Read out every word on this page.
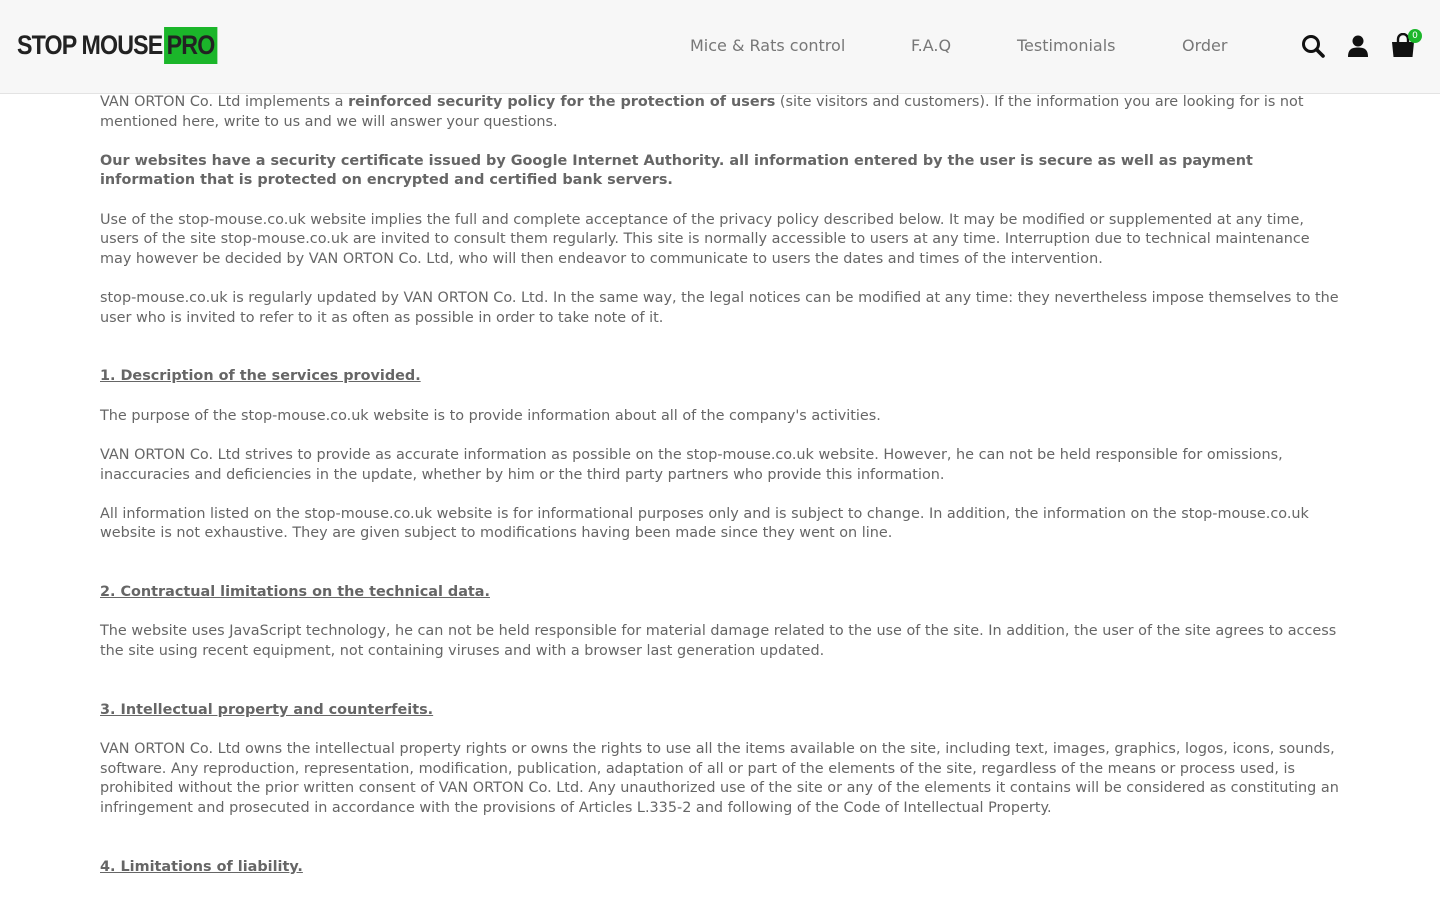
STOP MOUSE PRO	Mice & Rats control	F.A.Q	Testimonials	Order	0

VAN ORTON Co. Ltd implements a reinforced security policy for the protection of users (site visitors and customers). If the information you are looking for is not mentioned here, write to us and we will answer your questions.

Our websites have a security certificate issued by Google Internet Authority. all information entered by the user is secure as well as payment information that is protected on encrypted and certified bank servers.

Use of the stop-mouse.co.uk website implies the full and complete acceptance of the privacy policy described below. It may be modified or supplemented at any time, users of the site stop-mouse.co.uk are invited to consult them regularly. This site is normally accessible to users at any time. Interruption due to technical maintenance may however be decided by VAN ORTON Co. Ltd, who will then endeavor to communicate to users the dates and times of the intervention.

stop-mouse.co.uk is regularly updated by VAN ORTON Co. Ltd. In the same way, the legal notices can be modified at any time: they nevertheless impose themselves to the user who is invited to refer to it as often as possible in order to take note of it.

1. Description of the services provided.

The purpose of the stop-mouse.co.uk website is to provide information about all of the company's activities.

VAN ORTON Co. Ltd strives to provide as accurate information as possible on the stop-mouse.co.uk website. However, he can not be held responsible for omissions, inaccuracies and deficiencies in the update, whether by him or the third party partners who provide this information.

All information listed on the stop-mouse.co.uk website is for informational purposes only and is subject to change. In addition, the information on the stop-mouse.co.uk website is not exhaustive. They are given subject to modifications having been made since they went on line.

2. Contractual limitations on the technical data.

The website uses JavaScript technology, he can not be held responsible for material damage related to the use of the site. In addition, the user of the site agrees to access the site using recent equipment, not containing viruses and with a browser last generation updated.

3. Intellectual property and counterfeits.

VAN ORTON Co. Ltd owns the intellectual property rights or owns the rights to use all the items available on the site, including text, images, graphics, logos, icons, sounds, software. Any reproduction, representation, modification, publication, adaptation of all or part of the elements of the site, regardless of the means or process used, is prohibited without the prior written consent of VAN ORTON Co. Ltd. Any unauthorized use of the site or any of the elements it contains will be considered as constituting an infringement and prosecuted in accordance with the provisions of Articles L.335-2 and following of the Code of Intellectual Property.

4. Limitations of liability.
